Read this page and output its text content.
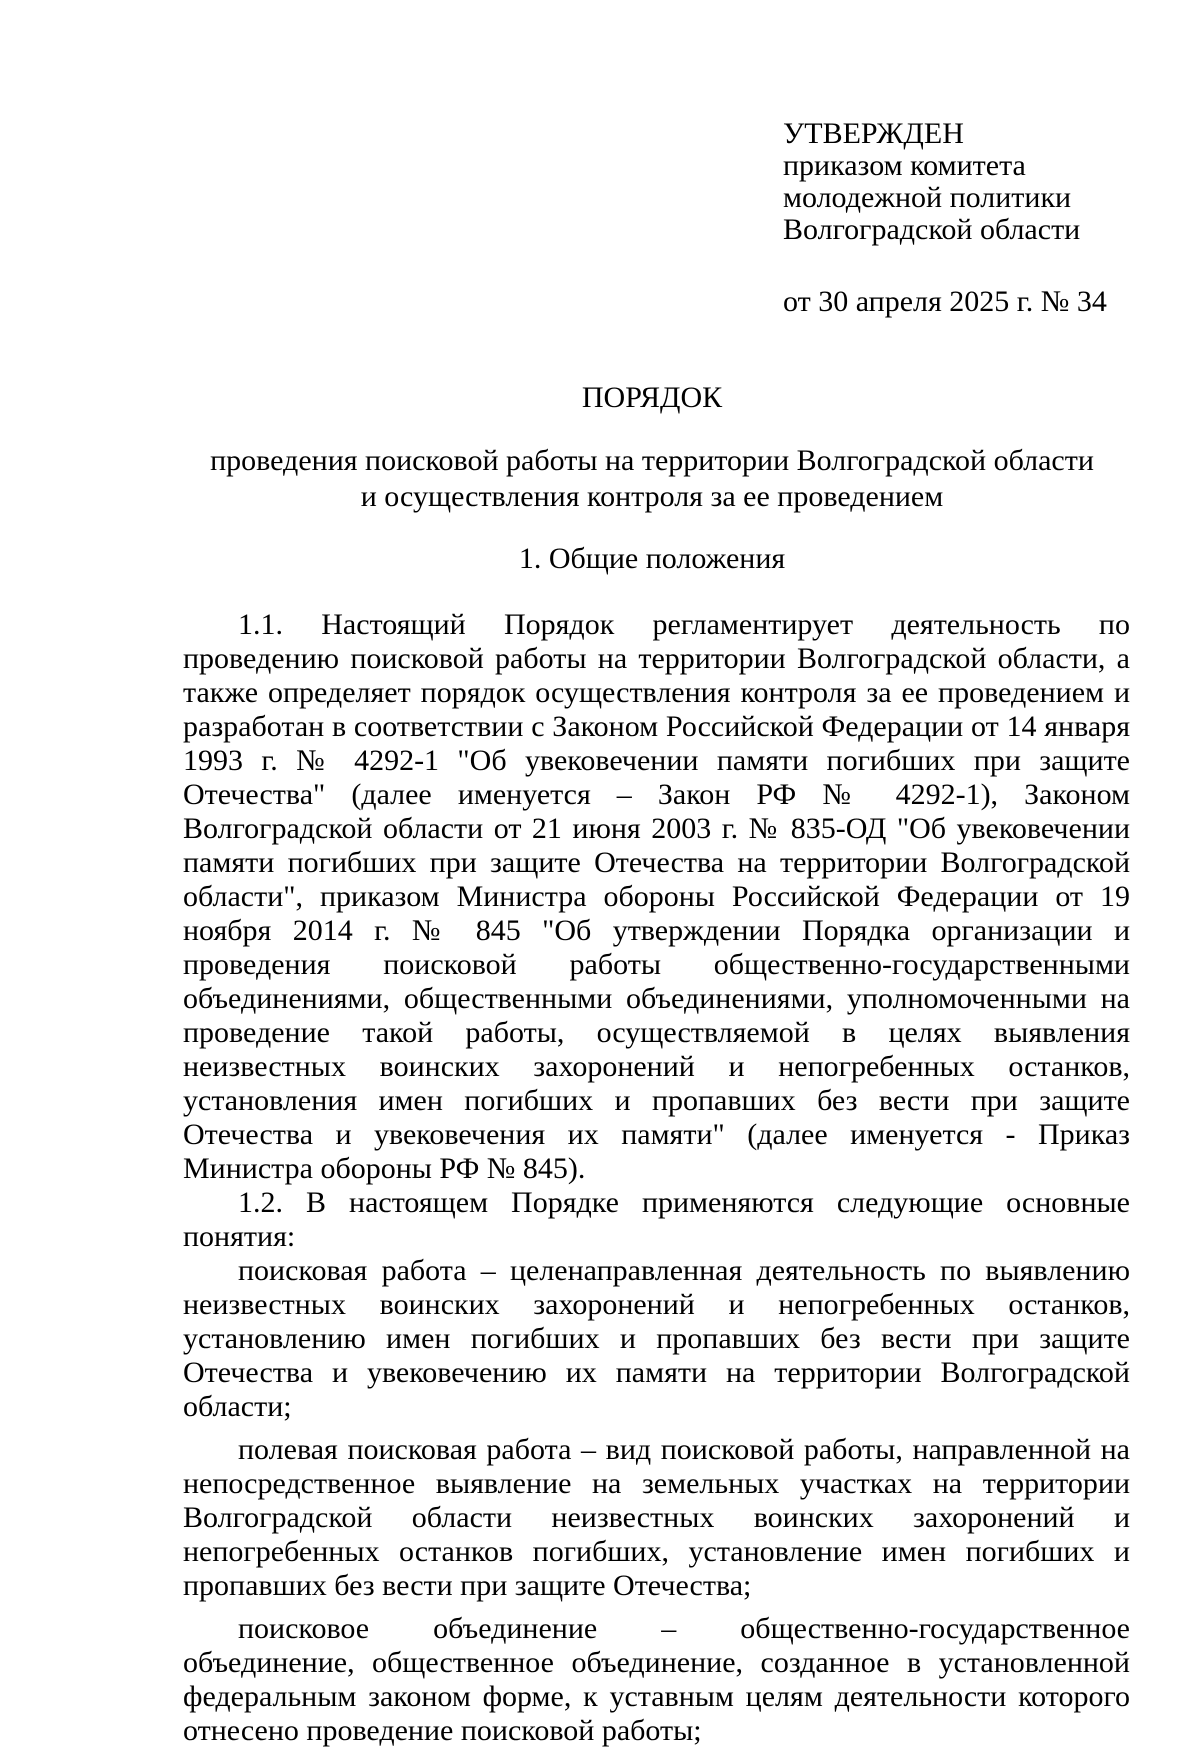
УТВЕРЖДЕН
приказом комитета
молодежной политики
Волгоградской области
от 30 апреля 2025 г. № 34
ПОРЯДОК
проведения поисковой работы на территории Волгоградской области
и осуществления контроля за ее проведением
1. Общие положения

1.1. Настоящий Порядок регламентирует деятельность по проведению поисковой работы на территории Волгоградской области, а также определяет порядок осуществления контроля за ее проведением и разработан в соответствии с Законом Российской Федерации от 14 января 1993 г. № 4292-1 "Об увековечении памяти погибших при защите Отечества" (далее именуется – Закон РФ № 4292-1), Законом Волгоградской области от 21 июня 2003 г. № 835-ОД "Об увековечении памяти погибших при защите Отечества на территории Волгоградской области", приказом Министра обороны Российской Федерации от 19 ноября 2014 г. № 845 "Об утверждении Порядка организации и проведения поисковой работы общественно-государственными объединениями, общественными объединениями, уполномоченными на проведение такой работы, осуществляемой в целях выявления неизвестных воинских захоронений и непогребенных останков, установления имен погибших и пропавших без вести при защите Отечества и увековечения их памяти" (далее именуется - Приказ Министра обороны РФ № 845).

1.2. В настоящем Порядке применяются следующие основные понятия:

поисковая работа – целенаправленная деятельность по выявлению неизвестных воинских захоронений и непогребенных останков, установлению имен погибших и пропавших без вести при защите Отечества и увековечению их памяти на территории Волгоградской области;

полевая поисковая работа – вид поисковой работы, направленной на непосредственное выявление на земельных участках на территории Волгоградской области неизвестных воинских захоронений и непогребенных останков погибших, установление имен погибших и пропавших без вести при защите Отечества;

поисковое объединение – общественно-государственное объединение, общественное объединение, созданное в установленной федеральным законом форме, к уставным целям деятельности которого отнесено проведение поисковой работы;
